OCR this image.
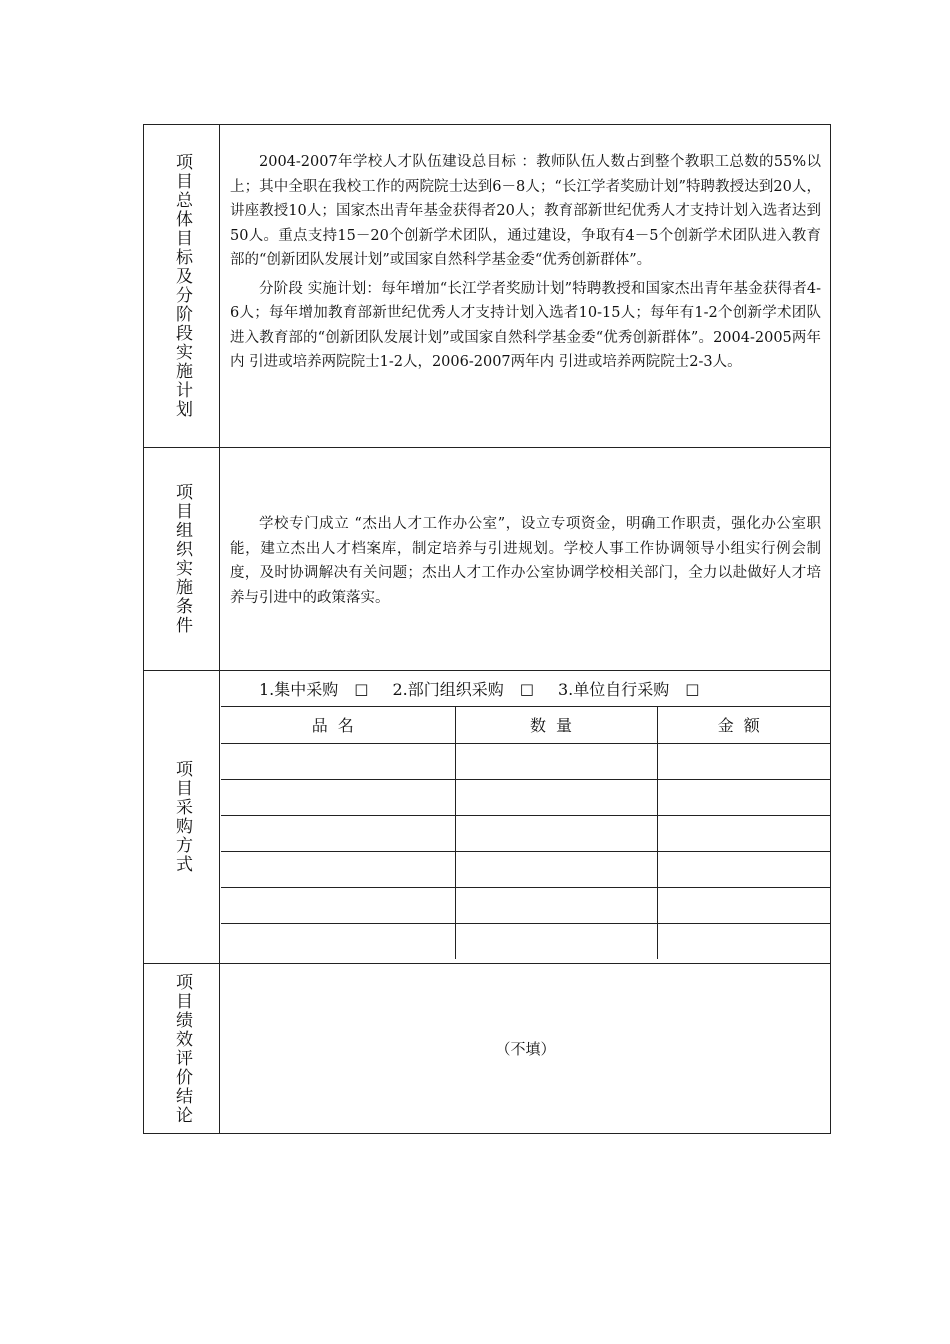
项目总体目标及分阶段实施计划	2004-2007年学校人才队伍建设总目标 ：教师队伍人数占到整个教职工总数的55%以上；其中全职在我校工作的两院院士达到6－8人；“长江学者奖励计划”特聘教授达到20人，讲座教授10人；国家杰出青年基金获得者20人；教育部新世纪优秀人才支持计划入选者达到50人。重点支持15－20个创新学术团队，通过建设，争取有4－5个创新学术团队进入教育部的“创新团队发展计划”或国家自然科学基金委“优秀创新群体”。

分阶段 实施计划：每年增加“长江学者奖励计划”特聘教授和国家杰出青年基金获得者4-6人；每年增加教育部新世纪优秀人才支持计划入选者10-15人；每年有1-2个创新学术团队进入教育部的“创新团队发展计划”或国家自然科学基金委“优秀创新群体”。2004-2005两年内 引进或培养两院院士1-2人，2006-2007两年内 引进或培养两院院士2-3人。

项目组织实施条件	学校专门成立 “杰出人才工作办公室”，设立专项资金，明确工作职责，强化办公室职能，建立杰出人才档案库，制定培养与引进规划。学校人事工作协调领导小组实行例会制度，及时协调解决有关问题；杰出人才工作办公室协调学校相关部门，全力以赴做好人才培养与引进中的政策落实。

项目采购方式
1.集中采购 □ 2.部门组织采购 □ 3.单位自行采购 □
品名	数量	金额

项目绩效评价结论	（不填）
